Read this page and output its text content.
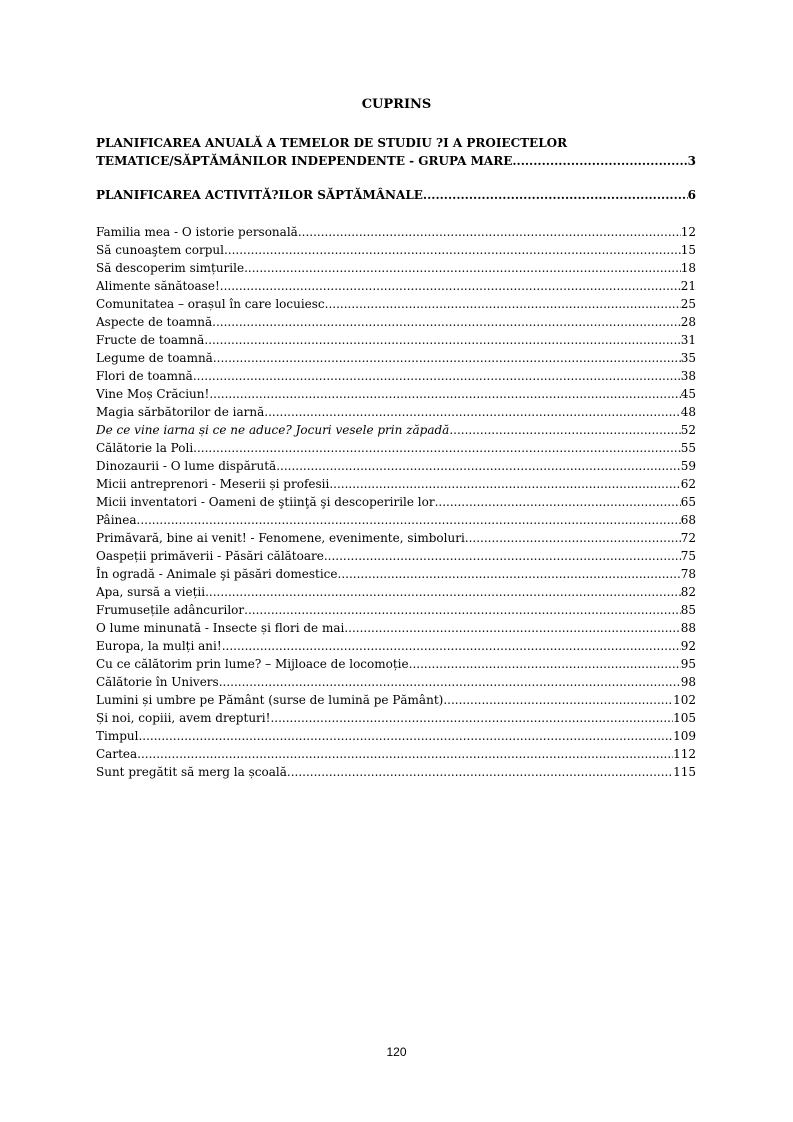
CUPRINS
PLANIFICAREA ANUALĂ A TEMELOR DE STUDIU ?I A PROIECTELOR
TEMATICE/SĂPTĂMÂNILOR INDEPENDENTE - GRUPA MARE .....	3
PLANIFICAREA ACTIVITĂ?ILOR SĂPTĂMÂNALE .....	6
Familia mea - O istorie personală .....	12
Să cunoaştem corpul .....	15
Să descoperim simțurile .....	18
Alimente sănătoase! .....	21
Comunitatea – orașul în care locuiesc .....	25
Aspecte de toamnă .....	28
Fructe de toamnă .....	31
Legume de toamnă .....	35
Flori de toamnă .....	38
Vine Moș Crăciun! .....	45
Magia sărbătorilor de iarnă .....	48
De ce vine iarna și ce ne aduce? Jocuri vesele prin zăpadă .....	52
Călătorie la Poli .....	55
Dinozaurii - O lume dispărută .....	59
Micii antreprenori - Meserii și profesii .....	62
Micii inventatori - Oameni de ştiinţă şi descoperirile lor .....	65
Pâinea .....	68
Primăvară, bine ai venit! - Fenomene, evenimente, simboluri .....	72
Oaspeții primăverii - Păsări călătoare .....	75
În ogradă - Animale şi păsări domestice .....	78
Apa, sursă a vieții .....	82
Frumusețile adâncurilor .....	85
O lume minunată - Insecte și flori de mai .....	88
Europa, la mulți ani! .....	92
Cu ce călătorim prin lume? – Mijloace de locomoție .....	95
Călătorie în Univers .....	98
Lumini și umbre pe Pământ (surse de lumină pe Pământ) .....	102
Și noi, copiii, avem drepturi! .....	105
Timpul .....	109
Cartea .....	112
Sunt pregătit să merg la școală .....	115
120
